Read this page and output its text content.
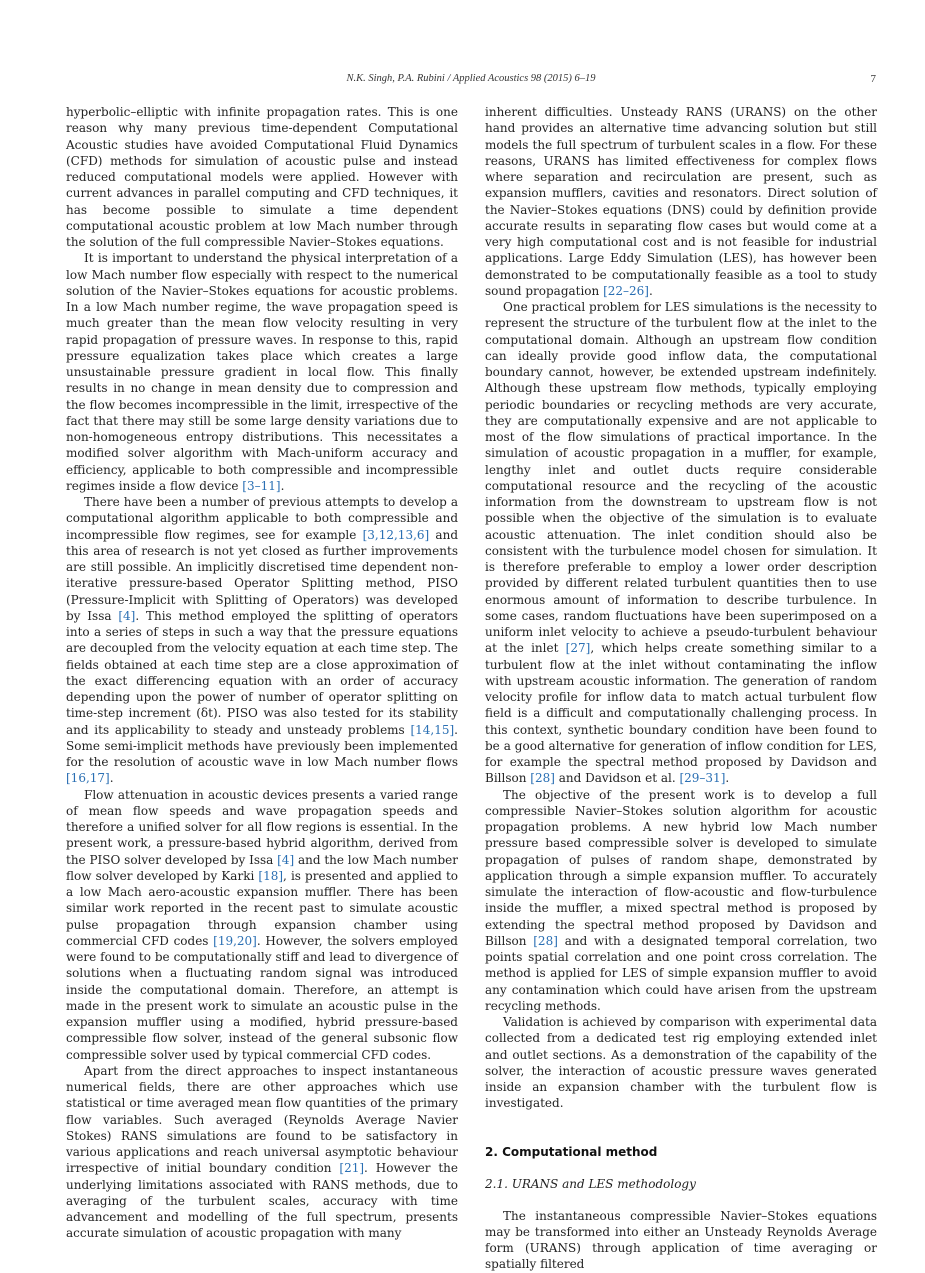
N.K. Singh, P.A. Rubini / Applied Acoustics 98 (2015) 6–19	7

hyperbolic–elliptic with infinite propagation rates. This is one reason why many previous time-dependent Computational Acoustic studies have avoided Computational Fluid Dynamics (CFD) methods for simulation of acoustic pulse and instead reduced computational models were applied. However with current advances in parallel computing and CFD techniques, it has become possible to simulate a time dependent computational acoustic problem at low Mach number through the solution of the full compressible Navier–Stokes equations.

It is important to understand the physical interpretation of a low Mach number flow especially with respect to the numerical solution of the Navier–Stokes equations for acoustic problems. In a low Mach number regime, the wave propagation speed is much greater than the mean flow velocity resulting in very rapid propagation of pressure waves. In response to this, rapid pressure equalization takes place which creates a large unsustainable pressure gradient in local flow. This finally results in no change in mean density due to compression and the flow becomes incompressible in the limit, irrespective of the fact that there may still be some large density variations due to non-homogeneous entropy distributions. This necessitates a modified solver algorithm with Mach-uniform accuracy and efficiency, applicable to both compressible and incompressible regimes inside a flow device [3–11].

There have been a number of previous attempts to develop a computational algorithm applicable to both compressible and incompressible flow regimes, see for example [3,12,13,6] and this area of research is not yet closed as further improvements are still possible. An implicitly discretised time dependent non-iterative pressure-based Operator Splitting method, PISO (Pressure-Implicit with Splitting of Operators) was developed by Issa [4]. This method employed the splitting of operators into a series of steps in such a way that the pressure equations are decoupled from the velocity equation at each time step. The fields obtained at each time step are a close approximation of the exact differencing equation with an order of accuracy depending upon the power of number of operator splitting on time-step increment (δt). PISO was also tested for its stability and its applicability to steady and unsteady problems [14,15]. Some semi-implicit methods have previously been implemented for the resolution of acoustic wave in low Mach number flows [16,17].

Flow attenuation in acoustic devices presents a varied range of mean flow speeds and wave propagation speeds and therefore a unified solver for all flow regions is essential. In the present work, a pressure-based hybrid algorithm, derived from the PISO solver developed by Issa [4] and the low Mach number flow solver developed by Karki [18], is presented and applied to a low Mach aero-acoustic expansion muffler. There has been similar work reported in the recent past to simulate acoustic pulse propagation through expansion chamber using commercial CFD codes [19,20]. However, the solvers employed were found to be computationally stiff and lead to divergence of solutions when a fluctuating random signal was introduced inside the computational domain. Therefore, an attempt is made in the present work to simulate an acoustic pulse in the expansion muffler using a modified, hybrid pressure-based compressible flow solver, instead of the general subsonic flow compressible solver used by typical commercial CFD codes.

Apart from the direct approaches to inspect instantaneous numerical fields, there are other approaches which use statistical or time averaged mean flow quantities of the primary flow variables. Such averaged (Reynolds Average Navier Stokes) RANS simulations are found to be satisfactory in various applications and reach universal asymptotic behaviour irrespective of initial boundary condition [21]. However the underlying limitations associated with RANS methods, due to averaging of the turbulent scales, accuracy with time advancement and modelling of the full spectrum, presents accurate simulation of acoustic propagation with many

inherent difficulties. Unsteady RANS (URANS) on the other hand provides an alternative time advancing solution but still models the full spectrum of turbulent scales in a flow. For these reasons, URANS has limited effectiveness for complex flows where separation and recirculation are present, such as expansion mufflers, cavities and resonators. Direct solution of the Navier–Stokes equations (DNS) could by definition provide accurate results in separating flow cases but would come at a very high computational cost and is not feasible for industrial applications. Large Eddy Simulation (LES), has however been demonstrated to be computationally feasible as a tool to study sound propagation [22–26].

One practical problem for LES simulations is the necessity to represent the structure of the turbulent flow at the inlet to the computational domain. Although an upstream flow condition can ideally provide good inflow data, the computational boundary cannot, however, be extended upstream indefinitely. Although these upstream flow methods, typically employing periodic boundaries or recycling methods are very accurate, they are computationally expensive and are not applicable to most of the flow simulations of practical importance. In the simulation of acoustic propagation in a muffler, for example, lengthy inlet and outlet ducts require considerable computational resource and the recycling of the acoustic information from the downstream to upstream flow is not possible when the objective of the simulation is to evaluate acoustic attenuation. The inlet condition should also be consistent with the turbulence model chosen for simulation. It is therefore preferable to employ a lower order description provided by different related turbulent quantities then to use enormous amount of information to describe turbulence. In some cases, random fluctuations have been superimposed on a uniform inlet velocity to achieve a pseudo-turbulent behaviour at the inlet [27], which helps create something similar to a turbulent flow at the inlet without contaminating the inflow with upstream acoustic information. The generation of random velocity profile for inflow data to match actual turbulent flow field is a difficult and computationally challenging process. In this context, synthetic boundary condition have been found to be a good alternative for generation of inflow condition for LES, for example the spectral method proposed by Davidson and Billson [28] and Davidson et al. [29–31].

The objective of the present work is to develop a full compressible Navier–Stokes solution algorithm for acoustic propagation problems. A new hybrid low Mach number pressure based compressible solver is developed to simulate propagation of pulses of random shape, demonstrated by application through a simple expansion muffler. To accurately simulate the interaction of flow-acoustic and flow-turbulence inside the muffler, a mixed spectral method is proposed by extending the spectral method proposed by Davidson and Billson [28] and with a designated temporal correlation, two points spatial correlation and one point cross correlation. The method is applied for LES of simple expansion muffler to avoid any contamination which could have arisen from the upstream recycling methods.

Validation is achieved by comparison with experimental data collected from a dedicated test rig employing extended inlet and outlet sections. As a demonstration of the capability of the solver, the interaction of acoustic pressure waves generated inside an expansion chamber with the turbulent flow is investigated.

2. Computational method
2.1. URANS and LES methodology

The instantaneous compressible Navier–Stokes equations may be transformed into either an Unsteady Reynolds Average form (URANS) through application of time averaging or spatially filtered
